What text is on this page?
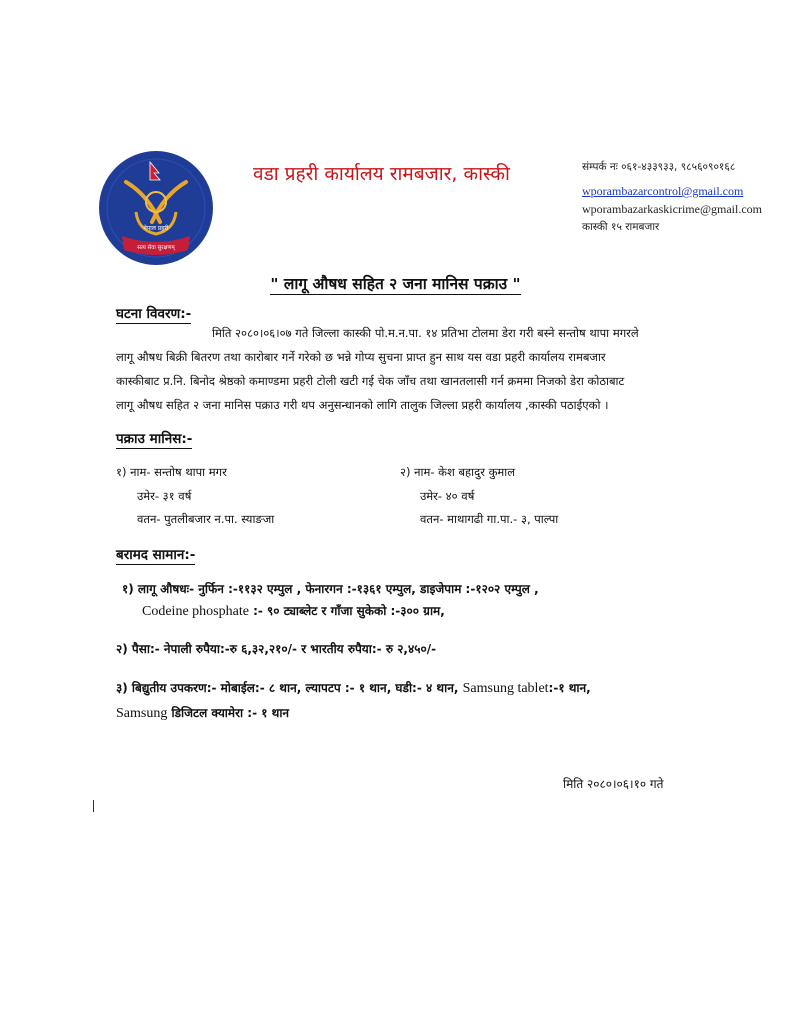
नेपाल प्रहरी
सत्य सेवा सुरक्षणम्
वडा प्रहरी कार्यालय रामबजार, कास्की	संम्पर्क नः ०६१-४३३९३३, ९८५६०९०१६८
wporambazarcontrol@gmail.com
wporambazarkaskicrime@gmail.com
कास्की १५ रामबजार
" लागू औषध सहित २ जना मानिस पक्राउ "
घटना विवरण:-
मिति २०८०।०६।०७ गते जिल्ला कास्की पो.म.न.पा. १४ प्रतिभा टोलमा डेरा गरी बस्ने सन्तोष थापा मगरले
लागू औषध बिक्री बितरण तथा कारोबार गर्ने गरेको छ भन्ने गोप्य सुचना प्राप्त हुन साथ यस वडा प्रहरी कार्यालय रामबजार
कास्कीबाट प्र.नि. बिनोद श्रेष्ठको कमाण्डमा प्रहरी टोली खटी गई चेक जाँच तथा खानतलासी गर्न क्रममा निजको डेरा कोठाबाट
लागू औषध सहित २ जना मानिस पक्राउ गरी थप अनुसन्धानको लागि तालुक जिल्ला प्रहरी कार्यालय ,कास्की पठाईएको ।
पक्राउ मानिस:-
१) नाम- सन्तोष थापा मगर
उमेर- ३१ वर्ष
वतन- पुतलीबजार न.पा. स्याङजा
२) नाम- केश बहादुर कुमाल
उमेर- ४० वर्ष
वतन- माथागढी गा.पा.- ३, पाल्पा
बरामद सामान:-
१) लागू औषधः- नुर्फिन :-११३२ एम्पुल , फेनारगन :-१३६१ एम्पुल, डाइजेपाम :-१२०२ एम्पुल ,
Codeine phosphate :- ९० ट्याब्लेट र गाँजा सुकेको :-३०० ग्राम,
२) पैसा:- नेपाली रुपैया:-रु ६,३२,२१०/- र भारतीय रुपैया:- रु २,४५०/-
३) बिद्युतीय उपकरण:- मोबाईल:- ८ थान, ल्यापटप :- १ थान, घडी:- ४ थान, Samsung tablet:-१ थान,
Samsung डिजिटल क्यामेरा :- १ थान
मिति २०८०।०६।१० गते
